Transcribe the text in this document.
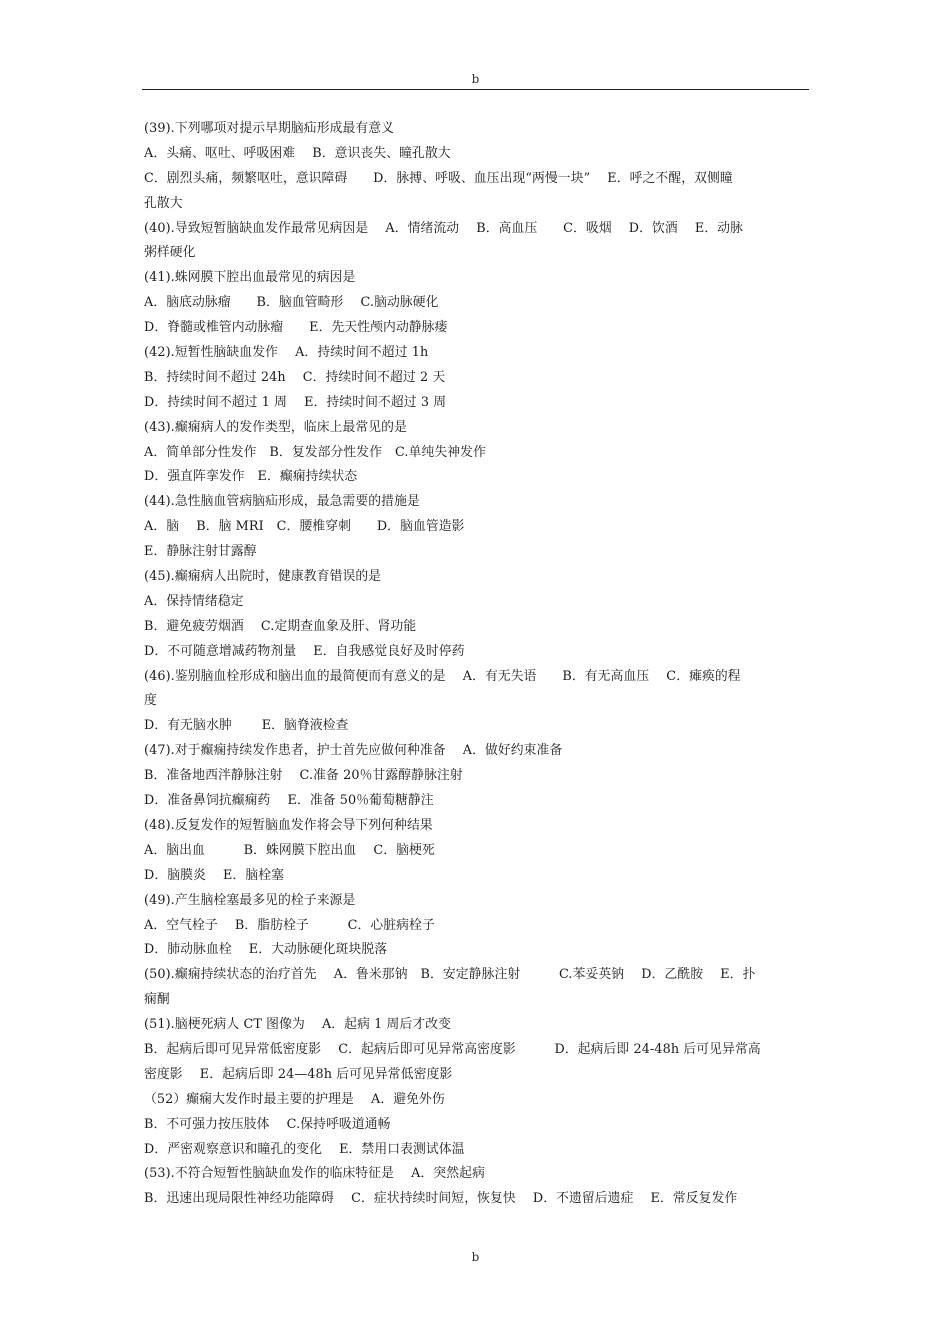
b
(39).下列哪项对提示早期脑疝形成最有意义
A．头痛、呕吐、呼吸困难　 B．意识丧失、瞳孔散大
C．剧烈头痛，频繁呕吐，意识障碍　　D．脉搏、呼吸、血压出现“两慢一块”　 E．呼之不醒，双侧瞳
孔散大
(40).导致短暂脑缺血发作最常见病因是　 A．情绪流动　 B．高血压　　C．吸烟　 D．饮酒　 E．动脉
粥样硬化
(41).蛛网膜下腔出血最常见的病因是
A．脑底动脉瘤　　B．脑血管畸形　 C.脑动脉硬化
D．脊髓或椎管内动脉瘤　　E．先天性颅内动静脉瘘
(42).短暂性脑缺血发作　 A．持续时间不超过 1h
B．持续时间不超过 24h　 C．持续时间不超过 2 天
D．持续时间不超过 1 周　 E．持续时间不超过 3 周
(43).癫痫病人的发作类型，临床上最常见的是
A．简单部分性发作　B．复发部分性发作　C.单纯失神发作
D．强直阵挛发作　E．癫痫持续状态
(44).急性脑血管病脑疝形成，最急需要的措施是
A．脑　 B．脑 MRI　C．腰椎穿刺　　D．脑血管造影
E．静脉注射甘露醇
(45).癫痫病人出院时，健康教育错误的是
A．保持情绪稳定
B．避免疲劳烟酒　 C.定期查血象及肝、肾功能
D．不可随意增减药物剂量　 E．自我感觉良好及时停药
(46).鉴别脑血栓形成和脑出血的最简便而有意义的是　 A．有无失语　　B．有无高血压　 C．瘫痪的程
度
D．有无脑水肿　　 E．脑脊液检查
(47).对于癫痫持续发作患者，护士首先应做何种准备　 A．做好约束准备
B．准备地西泮静脉注射　 C.准备 20％甘露醇静脉注射
D．准备鼻饲抗癫痫药　 E．准备 50％葡萄糖静注
(48).反复发作的短暂脑血发作将会导下列何种结果
A．脑出血　　　B．蛛网膜下腔出血　 C．脑梗死
D．脑膜炎　 E．脑栓塞
(49).产生脑栓塞最多见的栓子来源是
A．空气栓子　 B．脂肪栓子　　　C．心脏病栓子
D．肺动脉血栓　 E．大动脉硬化斑块脱落
(50).癫痫持续状态的治疗首先　 A．鲁米那钠　B．安定静脉注射　　　C.苯妥英钠　 D．乙酰胺　 E．扑
痫酮
(51).脑梗死病人 CT 图像为　 A．起病 1 周后才改变
B．起病后即可见异常低密度影　 C．起病后即可见异常高密度影　　　D．起病后即 24-48h 后可见异常高
密度影　 E．起病后即 24—48h 后可见异常低密度影
（52）癫痫大发作时最主要的护理是　 A．避免外伤
B．不可强力按压肢体　 C.保持呼吸道通畅
D．严密观察意识和瞳孔的变化　 E．禁用口表测试体温
(53).不符合短暂性脑缺血发作的临床特征是　 A．突然起病
B．迅速出现局限性神经功能障碍　 C．症状持续时间短，恢复快　 D．不遗留后遗症　 E．常反复发作
b
